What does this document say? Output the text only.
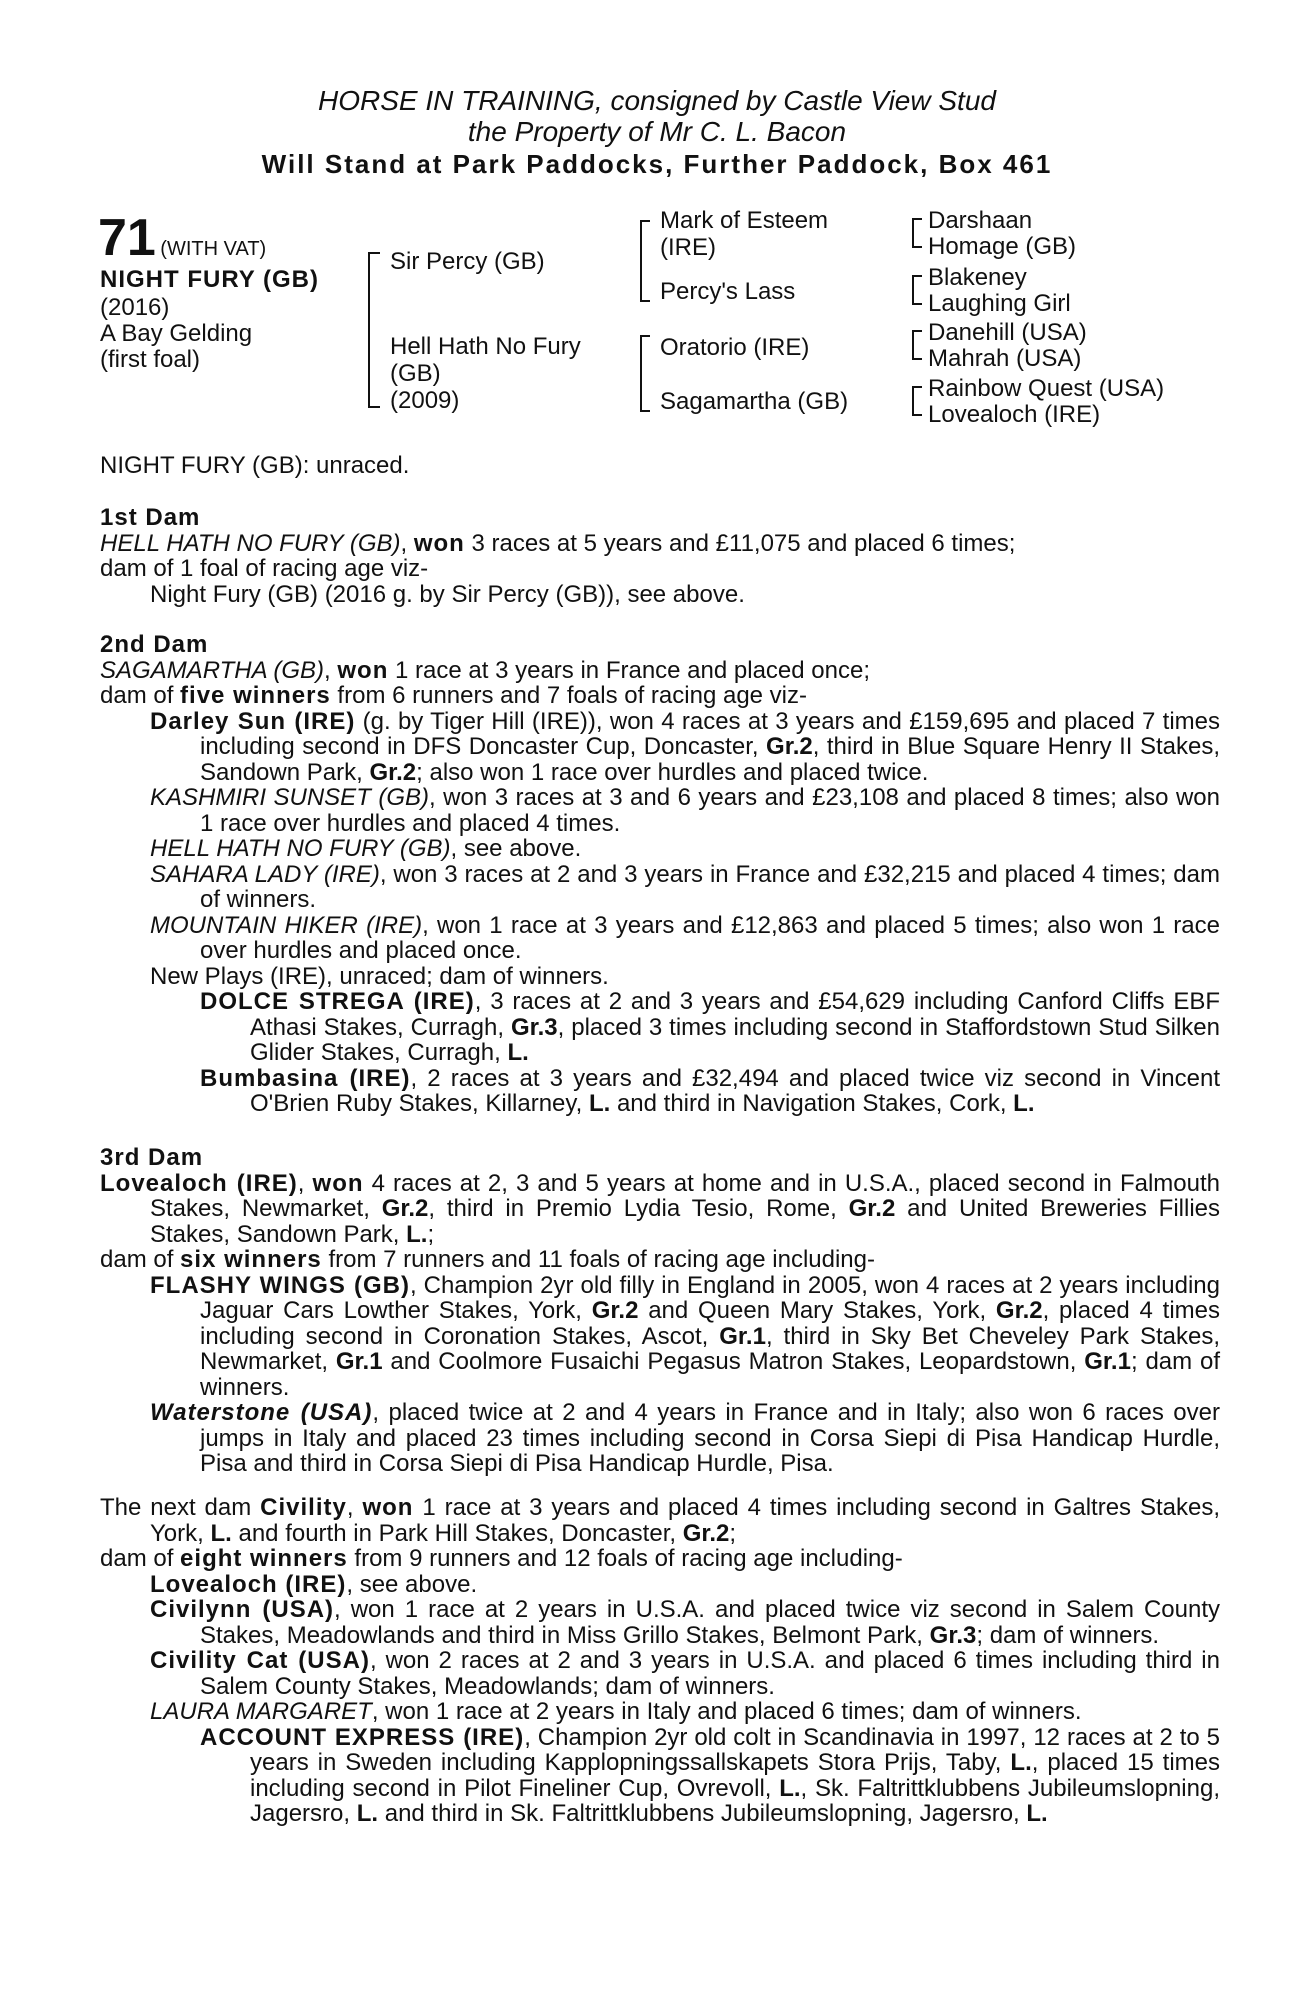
HORSE IN TRAINING, consigned by Castle View Stud
the Property of Mr C. L. Bacon
Will Stand at Park Paddocks, Further Paddock, Box 461
71 (WITH VAT)
NIGHT FURY (GB)
(2016)
A Bay Gelding
(first foal)
Sir Percy (GB)
Hell Hath No Fury
(GB)
(2009)
Mark of Esteem
(IRE)
Percy's Lass
Oratorio (IRE)
Sagamartha (GB)
Darshaan
Homage (GB)
Blakeney
Laughing Girl
Danehill (USA)
Mahrah (USA)
Rainbow Quest (USA)
Lovealoch (IRE)
NIGHT FURY (GB): unraced.

1st Dam

HELL HATH NO FURY (GB), won 3 races at 5 years and £11,075 and placed 6 times;

dam of 1 foal of racing age viz-

Night Fury (GB) (2016 g. by Sir Percy (GB)), see above.

2nd Dam

SAGAMARTHA (GB), won 1 race at 3 years in France and placed once;

dam of five winners from 6 runners and 7 foals of racing age viz-

Darley Sun (IRE) (g. by Tiger Hill (IRE)), won 4 races at 3 years and £159,695 and placed 7 times including second in DFS Doncaster Cup, Doncaster, Gr.2, third in Blue Square Henry II Stakes, Sandown Park, Gr.2; also won 1 race over hurdles and placed twice.

KASHMIRI SUNSET (GB), won 3 races at 3 and 6 years and £23,108 and placed 8 times; also won 1 race over hurdles and placed 4 times.

HELL HATH NO FURY (GB), see above.

SAHARA LADY (IRE), won 3 races at 2 and 3 years in France and £32,215 and placed 4 times; dam of winners.

MOUNTAIN HIKER (IRE), won 1 race at 3 years and £12,863 and placed 5 times; also won 1 race over hurdles and placed once.

New Plays (IRE), unraced; dam of winners.

DOLCE STREGA (IRE), 3 races at 2 and 3 years and £54,629 including Canford Cliffs EBF Athasi Stakes, Curragh, Gr.3, placed 3 times including second in Staffordstown Stud Silken Glider Stakes, Curragh, L.

Bumbasina (IRE), 2 races at 3 years and £32,494 and placed twice viz second in Vincent O'Brien Ruby Stakes, Killarney, L. and third in Navigation Stakes, Cork, L.

3rd Dam

Lovealoch (IRE), won 4 races at 2, 3 and 5 years at home and in U.S.A., placed second in Falmouth Stakes, Newmarket, Gr.2, third in Premio Lydia Tesio, Rome, Gr.2 and United Breweries Fillies Stakes, Sandown Park, L.;

dam of six winners from 7 runners and 11 foals of racing age including-

FLASHY WINGS (GB), Champion 2yr old filly in England in 2005, won 4 races at 2 years including Jaguar Cars Lowther Stakes, York, Gr.2 and Queen Mary Stakes, York, Gr.2, placed 4 times including second in Coronation Stakes, Ascot, Gr.1, third in Sky Bet Cheveley Park Stakes, Newmarket, Gr.1 and Coolmore Fusaichi Pegasus Matron Stakes, Leopardstown, Gr.1; dam of winners.

Waterstone (USA), placed twice at 2 and 4 years in France and in Italy; also won 6 races over jumps in Italy and placed 23 times including second in Corsa Siepi di Pisa Handicap Hurdle, Pisa and third in Corsa Siepi di Pisa Handicap Hurdle, Pisa.

The next dam Civility, won 1 race at 3 years and placed 4 times including second in Galtres Stakes, York, L. and fourth in Park Hill Stakes, Doncaster, Gr.2;

dam of eight winners from 9 runners and 12 foals of racing age including-

Lovealoch (IRE), see above.

Civilynn (USA), won 1 race at 2 years in U.S.A. and placed twice viz second in Salem County Stakes, Meadowlands and third in Miss Grillo Stakes, Belmont Park, Gr.3; dam of winners.

Civility Cat (USA), won 2 races at 2 and 3 years in U.S.A. and placed 6 times including third in Salem County Stakes, Meadowlands; dam of winners.

LAURA MARGARET, won 1 race at 2 years in Italy and placed 6 times; dam of winners.

ACCOUNT EXPRESS (IRE), Champion 2yr old colt in Scandinavia in 1997, 12 races at 2 to 5 years in Sweden including Kapplopningssallskapets Stora Prijs, Taby, L., placed 15 times including second in Pilot Fineliner Cup, Ovrevoll, L., Sk. Faltrittklubbens Jubileumslopning, Jagersro, L. and third in Sk. Faltrittklubbens Jubileumslopning, Jagersro, L.
